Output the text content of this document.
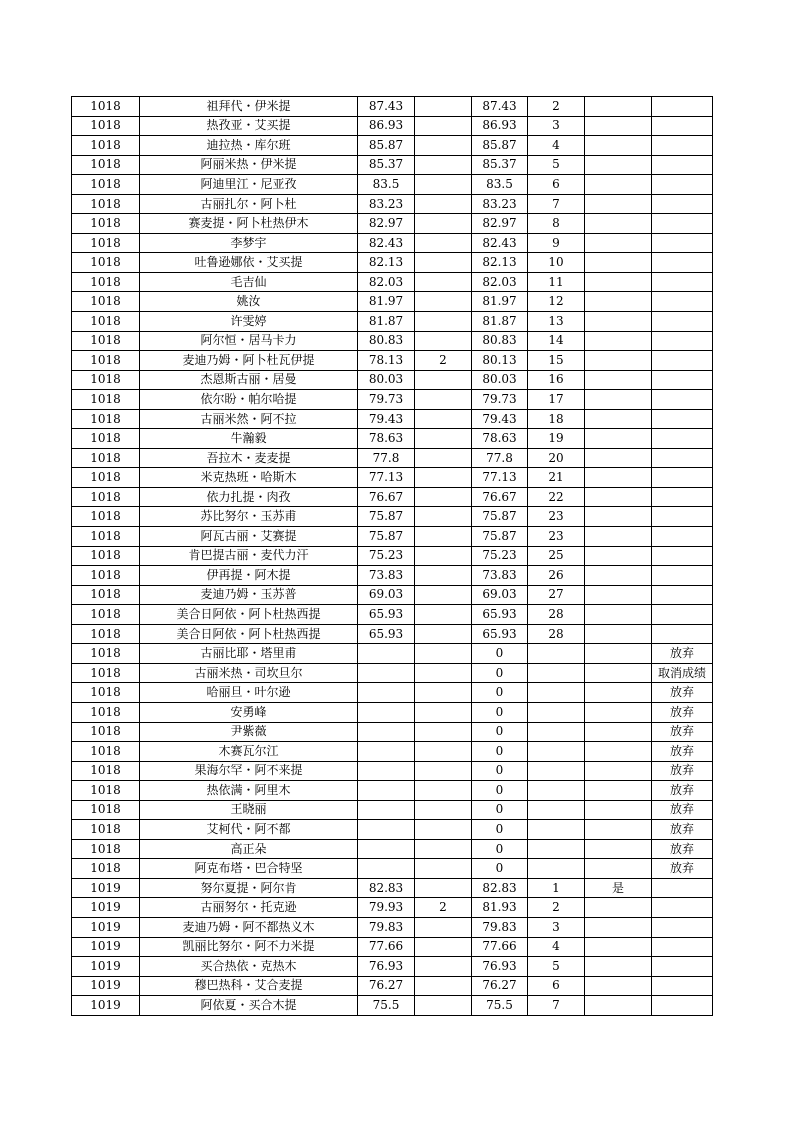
1018	祖拜代・伊米提	87.43		87.43	2		
1018	热孜亚・艾买提	86.93		86.93	3		
1018	迪拉热・库尔班	85.87		85.87	4		
1018	阿丽米热・伊米提	85.37		85.37	5		
1018	阿迪里江・尼亚孜	83.5		83.5	6		
1018	古丽扎尔・阿卜杜	83.23		83.23	7		
1018	赛麦提・阿卜杜热伊木	82.97		82.97	8		
1018	李梦宇	82.43		82.43	9		
1018	吐鲁逊娜依・艾买提	82.13		82.13	10		
1018	毛吉仙	82.03		82.03	11		
1018	姚汝	81.97		81.97	12		
1018	许雯婷	81.87		81.87	13		
1018	阿尔恒・居马卡力	80.83		80.83	14		
1018	麦迪乃姆・阿卜杜瓦伊提	78.13	2	80.13	15		
1018	杰恩斯古丽・居曼	80.03		80.03	16		
1018	依尔盼・帕尔哈提	79.73		79.73	17		
1018	古丽米然・阿不拉	79.43		79.43	18		
1018	牛瀚毅	78.63		78.63	19		
1018	吾拉木・麦麦提	77.8		77.8	20		
1018	米克热班・哈斯木	77.13		77.13	21		
1018	依力扎提・肉孜	76.67		76.67	22		
1018	苏比努尔・玉苏甫	75.87		75.87	23		
1018	阿瓦古丽・艾赛提	75.87		75.87	23		
1018	肯巴提古丽・麦代力汗	75.23		75.23	25		
1018	伊再提・阿木提	73.83		73.83	26		
1018	麦迪乃姆・玉苏普	69.03		69.03	27		
1018	美合日阿依・阿卜杜热西提	65.93		65.93	28		
1018	美合日阿依・阿卜杜热西提	65.93		65.93	28		
1018	古丽比耶・塔里甫			0			放弃
1018	古丽米热・司坎旦尔			0			取消成绩
1018	哈丽旦・叶尔逊			0			放弃
1018	安勇峰			0			放弃
1018	尹紫薇			0			放弃
1018	木赛瓦尔江			0			放弃
1018	果海尔罕・阿不来提			0			放弃
1018	热依满・阿里木			0			放弃
1018	王晓丽			0			放弃
1018	艾柯代・阿不都			0			放弃
1018	高正朵			0			放弃
1018	阿克布塔・巴合特坚			0			放弃
1019	努尔夏提・阿尔肯	82.83		82.83	1	是	
1019	古丽努尔・托克逊	79.93	2	81.93	2		
1019	麦迪乃姆・阿不都热义木	79.83		79.83	3		
1019	凯丽比努尔・阿不力米提	77.66		77.66	4		
1019	买合热依・克热木	76.93		76.93	5		
1019	穆巴热科・艾合麦提	76.27		76.27	6		
1019	阿依夏・买合木提	75.5		75.5	7		
